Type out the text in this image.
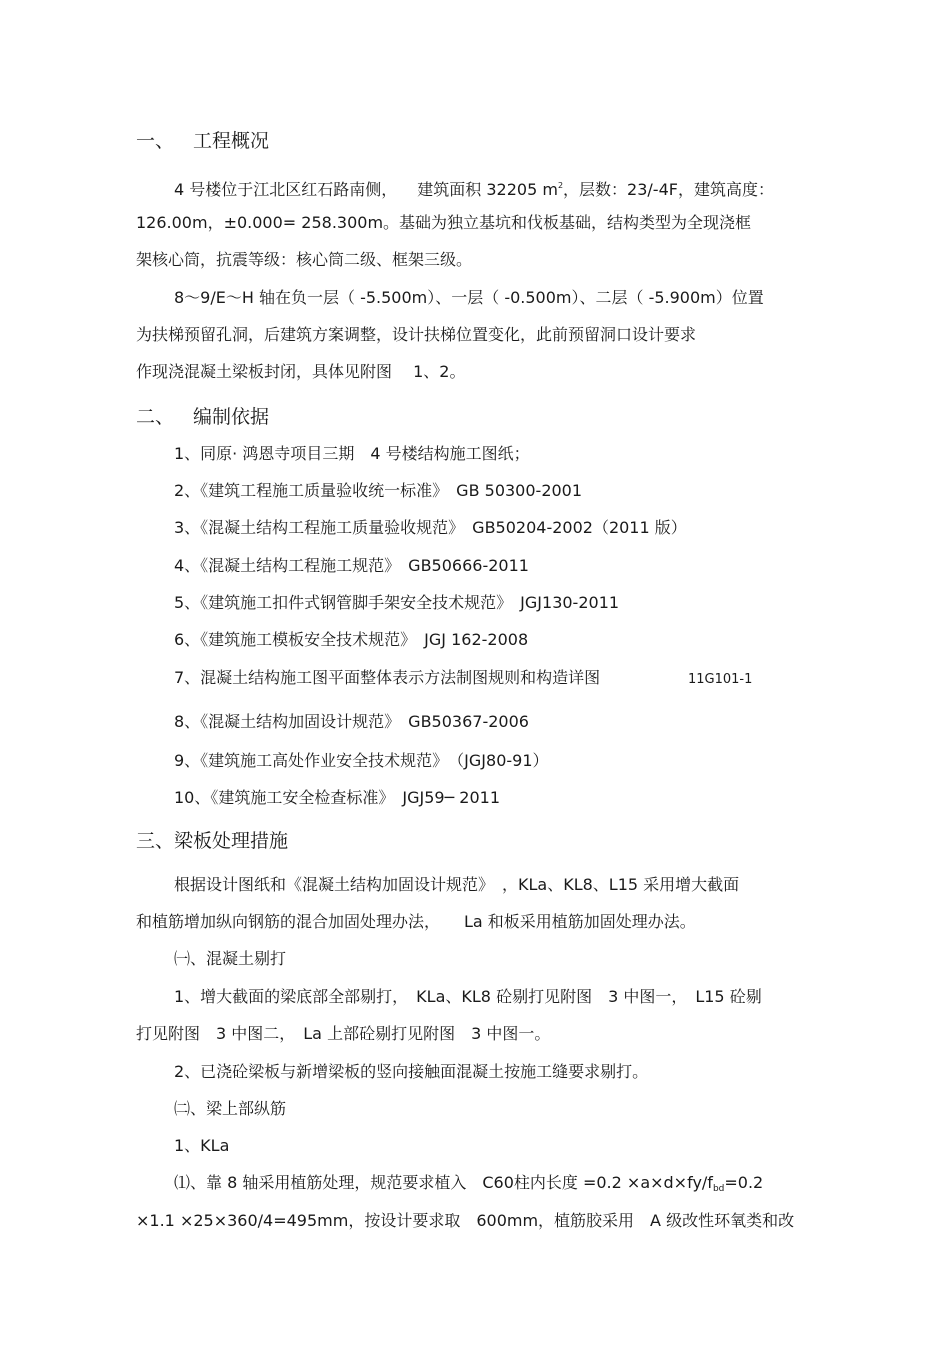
一、 工程概况
4 号楼位于江北区红石路南侧， 建筑面积 32205 $m^2$，层数：23/-4F，建筑高度：
126.00m，±0.000= 258.300m。基础为独立基坑和伐板基础，结构类型为全现浇框
架核心筒，抗震等级：核心筒二级、框架三级。
8～9/E～H 轴在负一层（ -5.500m）、一层（ -0.500m）、二层（ -5.900m）位置
为扶梯预留孔洞，后建筑方案调整，设计扶梯位置变化，此前预留洞口设计要求
作现浇混凝土梁板封闭，具体见附图　 1、2。
二、 编制依据
1、同原· 鸿恩寺项目三期　4 号楼结构施工图纸；
2、《建筑工程施工质量验收统一标准》　GB 50300-2001
3、《混凝土结构工程施工质量验收规范》　GB50204-2002（2011 版）
4、《混凝土结构工程施工规范》　GB50666-2011
5、《建筑施工扣件式钢管脚手架安全技术规范》　JGJ130-2011
6、《建筑施工模板安全技术规范》　JGJ 162-2008
7、混凝土结构施工图平面整体表示方法制图规则和构造详图	11G101-1
8、《混凝土结构加固设计规范》　GB50367-2006
9、《建筑施工高处作业安全技术规范》　（JGJ80-91）
10、《建筑施工安全检查标准》　JGJ59─ 2011
三、梁板处理措施
根据设计图纸和《混凝土结构加固设计规范》　，KLa、KL8、L15 采用增大截面
和植筋增加纵向钢筋的混合加固处理办法，　　La 和板采用植筋加固处理办法。
㈠、混凝土剔打
1、增大截面的梁底部全部剔打，　KLa、KL8 砼剔打见附图　3 中图一，　L15 砼剔
打见附图　3 中图二，　La 上部砼剔打见附图　3 中图一。
2、已浇砼梁板与新增梁板的竖向接触面混凝土按施工缝要求剔打。
㈡、梁上部纵筋
1、KLa
⑴、靠 8 轴采用植筋处理，规范要求植入　C60柱内长度 $=0.2 \times a\times d\times fy/f_{bd}=0.2$
×1.1 ×25×360/4=495mm，按设计要求取　600mm，植筋胶采用　A 级改性环氧类和改
